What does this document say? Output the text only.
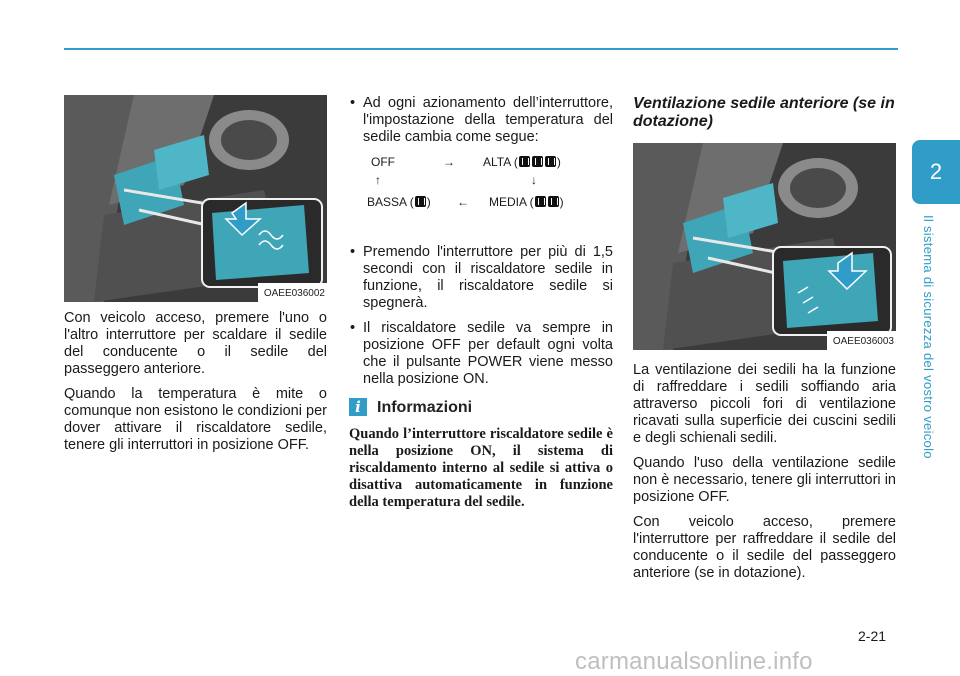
2
Il sistema di sicurezza del vostro veicolo
OAEE036002

Con veicolo acceso, premere l'uno o l'altro interruttore per scaldare il sedile del conducente o il sedile del passeggero anteriore.

Quando la temperatura è mite o comunque non esistono le condizioni per dover attivare il riscaldatore sedile, tenere gli interruttori in posizione OFF.

• Ad ogni azionamento dell’interruttore, l'impostazione della temperatura del sedile cambia come segue:
OFF	→ ALTA (	)
↑	↓
BASSA ( ) ← MEDIA ( )
• Premendo l'interruttore per più di 1,5 secondi con il riscaldatore sedile in funzione, il riscaldatore sedile si spegnerà.
• Il riscaldatore sedile va sempre in posizione OFF per default ogni volta che il pulsante POWER viene messo nella posizione ON.
i	Informazioni

Quando l’interruttore riscaldatore sedile è nella posizione ON, il sistema di riscaldamento interno al sedile si attiva o disattiva automaticamente in funzione della temperatura del sedile.

Ventilazione sedile anteriore (se in dotazione)
OAEE036003

La ventilazione dei sedili ha la funzione di raffreddare i sedili soffiando aria attraverso piccoli fori di ventilazione ricavati sulla superficie dei cuscini sedili e degli schienali sedili.

Quando l'uso della ventilazione sedile non è necessario, tenere gli interruttori in posizione OFF.

Con veicolo acceso, premere l'interruttore per raffreddare il sedile del conducente o il sedile del passeggero anteriore (se in dotazione).

2-21
carmanualsonline.info
